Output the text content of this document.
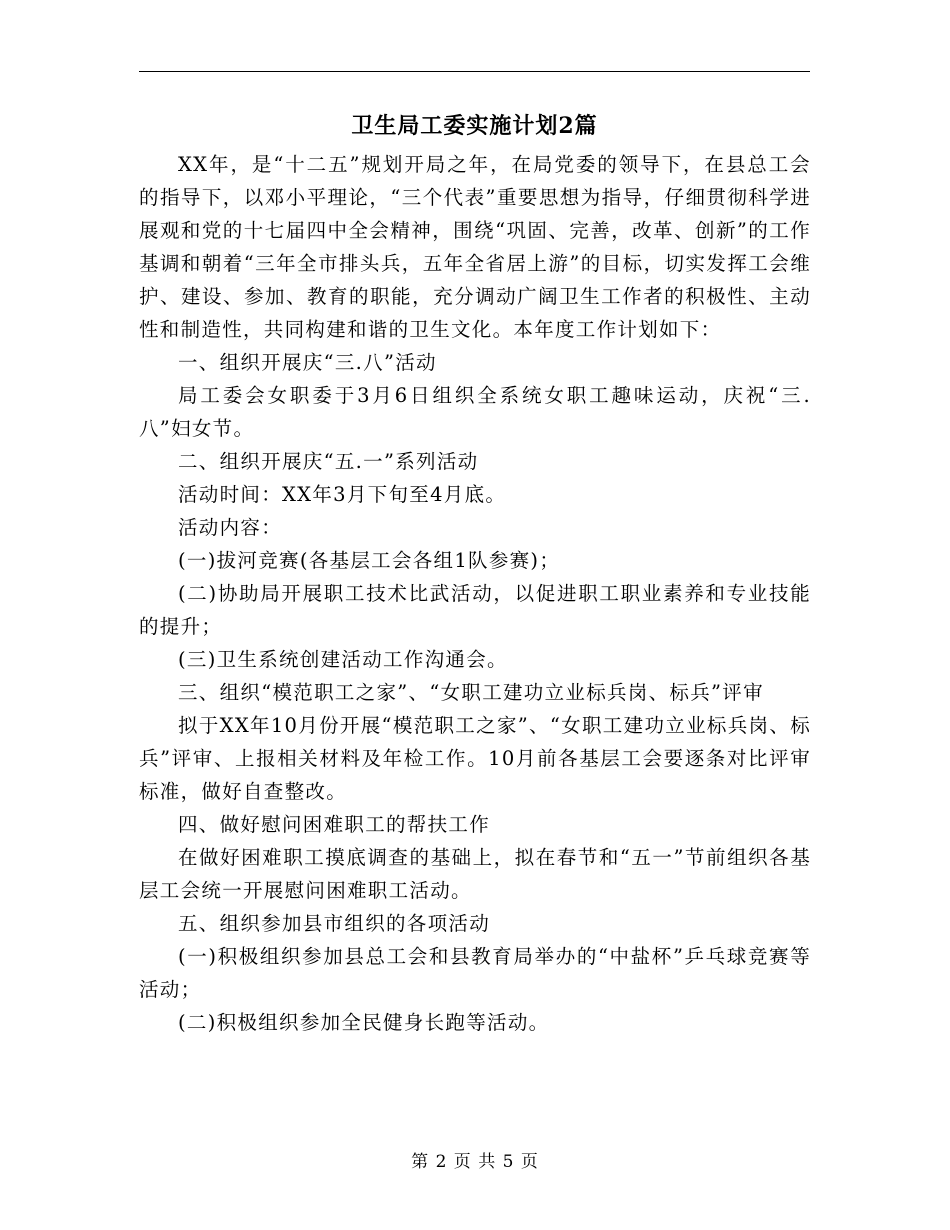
卫生局工委实施计划2篇

XX年，是“十二五”规划开局之年，在局党委的领导下，在县总工会的指导下，以邓小平理论，“三个代表”重要思想为指导，仔细贯彻科学进展观和党的十七届四中全会精神，围绕“巩固、完善，改革、创新”的工作基调和朝着“三年全市排头兵，五年全省居上游”的目标，切实发挥工会维护、建设、参加、教育的职能，充分调动广阔卫生工作者的积极性、主动性和制造性，共同构建和谐的卫生文化。本年度工作计划如下：

一、组织开展庆“三.八”活动

局工委会女职委于3月6日组织全系统女职工趣味运动，庆祝“三.八”妇女节。

二、组织开展庆“五.一”系列活动

活动时间：XX年3月下旬至4月底。

活动内容：

(一)拔河竞赛(各基层工会各组1队参赛)；

(二)协助局开展职工技术比武活动，以促进职工职业素养和专业技能的提升；

(三)卫生系统创建活动工作沟通会。

三、组织“模范职工之家”、“女职工建功立业标兵岗、标兵”评审

拟于XX年10月份开展“模范职工之家”、“女职工建功立业标兵岗、标兵”评审、上报相关材料及年检工作。10月前各基层工会要逐条对比评审标准，做好自查整改。

四、做好慰问困难职工的帮扶工作

在做好困难职工摸底调查的基础上，拟在春节和“五一”节前组织各基层工会统一开展慰问困难职工活动。

五、组织参加县市组织的各项活动

(一)积极组织参加县总工会和县教育局举办的“中盐杯”乒乓球竞赛等活动；

(二)积极组织参加全民健身长跑等活动。

第 2 页 共 5 页
